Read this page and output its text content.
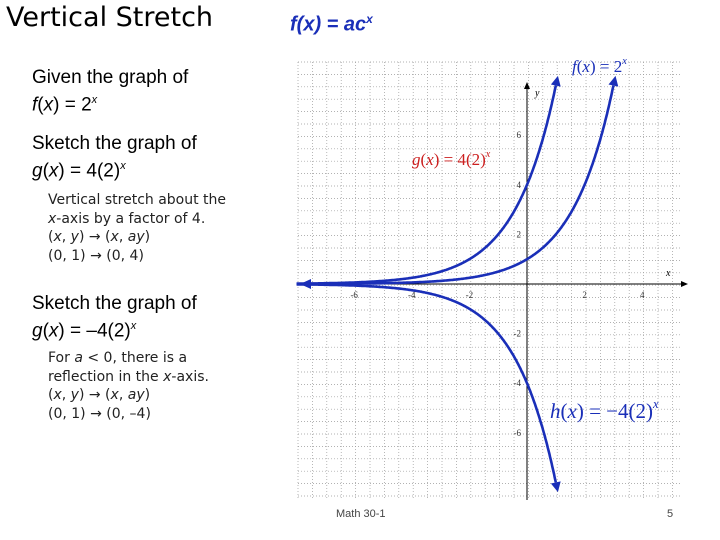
Vertical Stretch	$f(x) = ac^x$
Given the graph of
$f(x) = 2^x$
Sketch the graph of
$g(x) = 4(2)^x$
Vertical stretch about the
x-axis by a factor of 4.
(x, y) → (x, ay)
(0, 1) → (0, 4)
Sketch the graph of
$g(x) = -4(2)^x$
For a < 0, there is a
reflection in the x-axis.
(x, y) → (x, ay)
(0, 1) → (0, –4)
x
y
-6	-4	-2	2	4
6
4
2
-2
-4
-6
$f(x) = 2^x$
$g(x) = 4(2)^x$
$h(x) = -4(2)^x$
Math 30-1	5
